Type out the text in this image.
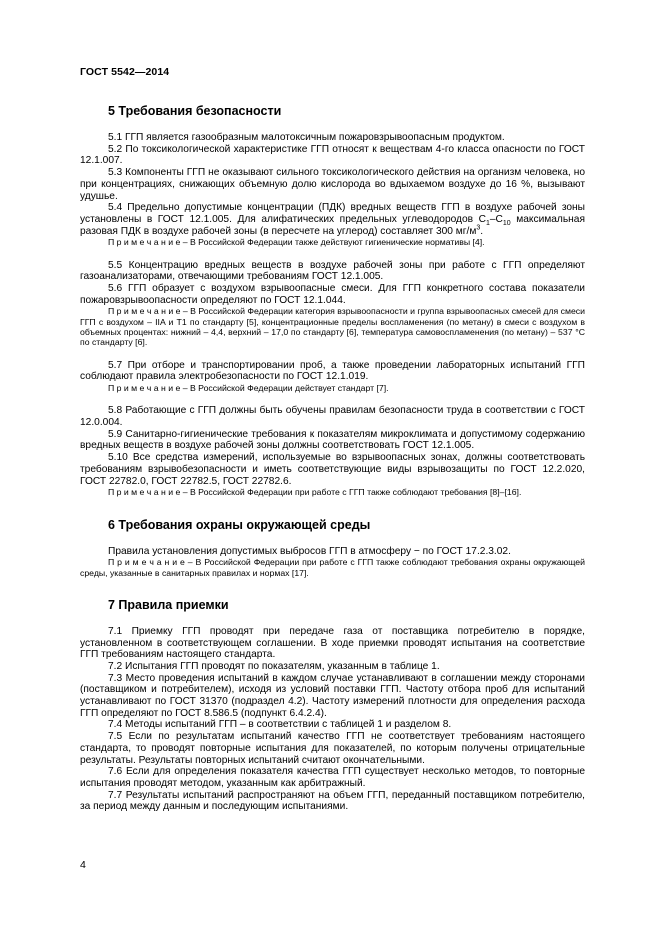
ГОСТ 5542—2014
5 Требования безопасности

5.1 ГГП является газообразным малотоксичным пожаровзрывоопасным продуктом.

5.2 По токсикологической характеристике ГГП относят к веществам 4-го класса опасности по ГОСТ 12.1.007.

5.3 Компоненты ГГП не оказывают сильного токсикологического действия на организм человека, но при концентрациях, снижающих объемную долю кислорода во вдыхаемом воздухе до 16 %, вызывают удушье.

5.4 Предельно допустимые концентрации (ПДК) вредных веществ ГГП в воздухе рабочей зоны установлены в ГОСТ 12.1.005. Для алифатических предельных углеводородов $С_1-С_{10}$ максимальная разовая ПДК в воздухе рабочей зоны (в пересчете на углерод) составляет 300 $мг/м^3$.

П р и м е ч а н и е – В Российской Федерации также действуют гигиенические нормативы [4].

5.5 Концентрацию вредных веществ в воздухе рабочей зоны при работе с ГГП определяют газоанализаторами, отвечающими требованиям ГОСТ 12.1.005.

5.6 ГГП образует с воздухом взрывоопасные смеси. Для ГГП конкретного состава показатели пожаровзрывоопасности определяют по ГОСТ 12.1.044.

П р и м е ч а н и е – В Российской Федерации категория взрывоопасности и группа взрывоопасных смесей для смеси ГГП с воздухом – IIA и Т1 по стандарту [5], концентрационные пределы воспламенения (по метану) в смеси с воздухом в объемных процентах: нижний – 4,4, верхний – 17,0 по стандарту [6], температура самовоспламенения (по метану) – 537 °С по стандарту [6].

5.7 При отборе и транспортировании проб, а также проведении лабораторных испытаний ГГП соблюдают правила электробезопасности по ГОСТ 12.1.019.

П р и м е ч а н и е – В Российской Федерации действует стандарт [7].

5.8 Работающие с ГГП должны быть обучены правилам безопасности труда в соответствии с ГОСТ 12.0.004.

5.9 Санитарно-гигиенические требования к показателям микроклимата и допустимому содержанию вредных веществ в воздухе рабочей зоны должны соответствовать ГОСТ 12.1.005.

5.10 Все средства измерений, используемые во взрывоопасных зонах, должны соответствовать требованиям взрывобезопасности и иметь соответствующие виды взрывозащиты по ГОСТ 12.2.020, ГОСТ 22782.0, ГОСТ 22782.5, ГОСТ 22782.6.

П р и м е ч а н и е – В Российской Федерации при работе с ГГП также соблюдают требования [8]–[16].

6 Требования охраны окружающей среды

Правила установления допустимых выбросов ГГП в атмосферу − по ГОСТ 17.2.3.02.

П р и м е ч а н и е – В Российской Федерации при работе с ГГП также соблюдают требования охраны окружающей среды, указанные в санитарных правилах и нормах [17].

7 Правила приемки

7.1 Приемку ГГП проводят при передаче газа от поставщика потребителю в порядке, установленном в соответствующем соглашении. В ходе приемки проводят испытания на соответствие ГГП требованиям настоящего стандарта.

7.2 Испытания ГГП проводят по показателям, указанным в таблице 1.

7.3 Место проведения испытаний в каждом случае устанавливают в соглашении между сторонами (поставщиком и потребителем), исходя из условий поставки ГГП. Частоту отбора проб для испытаний устанавливают по ГОСТ 31370 (подраздел 4.2). Частоту измерений плотности для определения расхода ГГП определяют по ГОСТ 8.586.5 (подпункт 6.4.2.4).

7.4 Методы испытаний ГГП – в соответствии с таблицей 1 и разделом 8.

7.5 Если по результатам испытаний качество ГГП не соответствует требованиям настоящего стандарта, то проводят повторные испытания для показателей, по которым получены отрицательные результаты. Результаты повторных испытаний считают окончательными.

7.6 Если для определения показателя качества ГГП существует несколько методов, то повторные испытания проводят методом, указанным как арбитражный.

7.7 Результаты испытаний распространяют на объем ГГП, переданный поставщиком потребителю, за период между данным и последующим испытаниями.

4
